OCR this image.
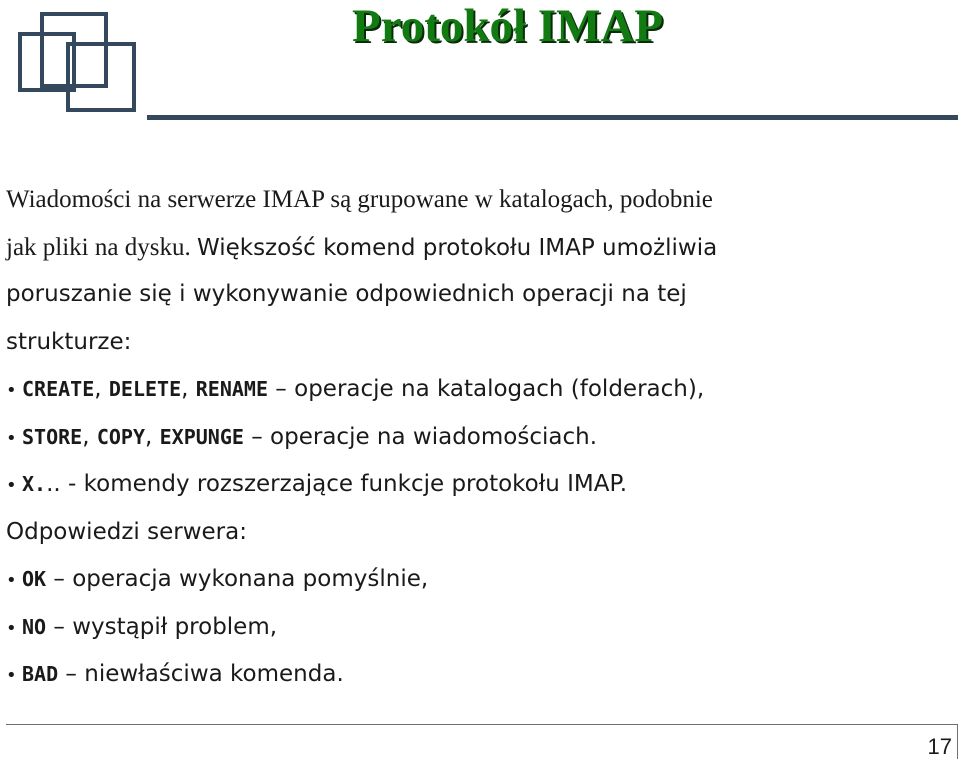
Protokół IMAP
Wiadomości na serwerze IMAP są grupowane w katalogach, podobnie
jak pliki na dysku. Większość komend protokołu IMAP umożliwia
poruszanie się i wykonywanie odpowiednich operacji na tej
strukturze:
• CREATE, DELETE, RENAME – operacje na katalogach (folderach),
• STORE, COPY, EXPUNGE – operacje na wiadomościach.
• X... - komendy rozszerzające funkcje protokołu IMAP.
Odpowiedzi serwera:
• OK – operacja wykonana pomyślnie,
• NO – wystąpił problem,
• BAD – niewłaściwa komenda.
17
